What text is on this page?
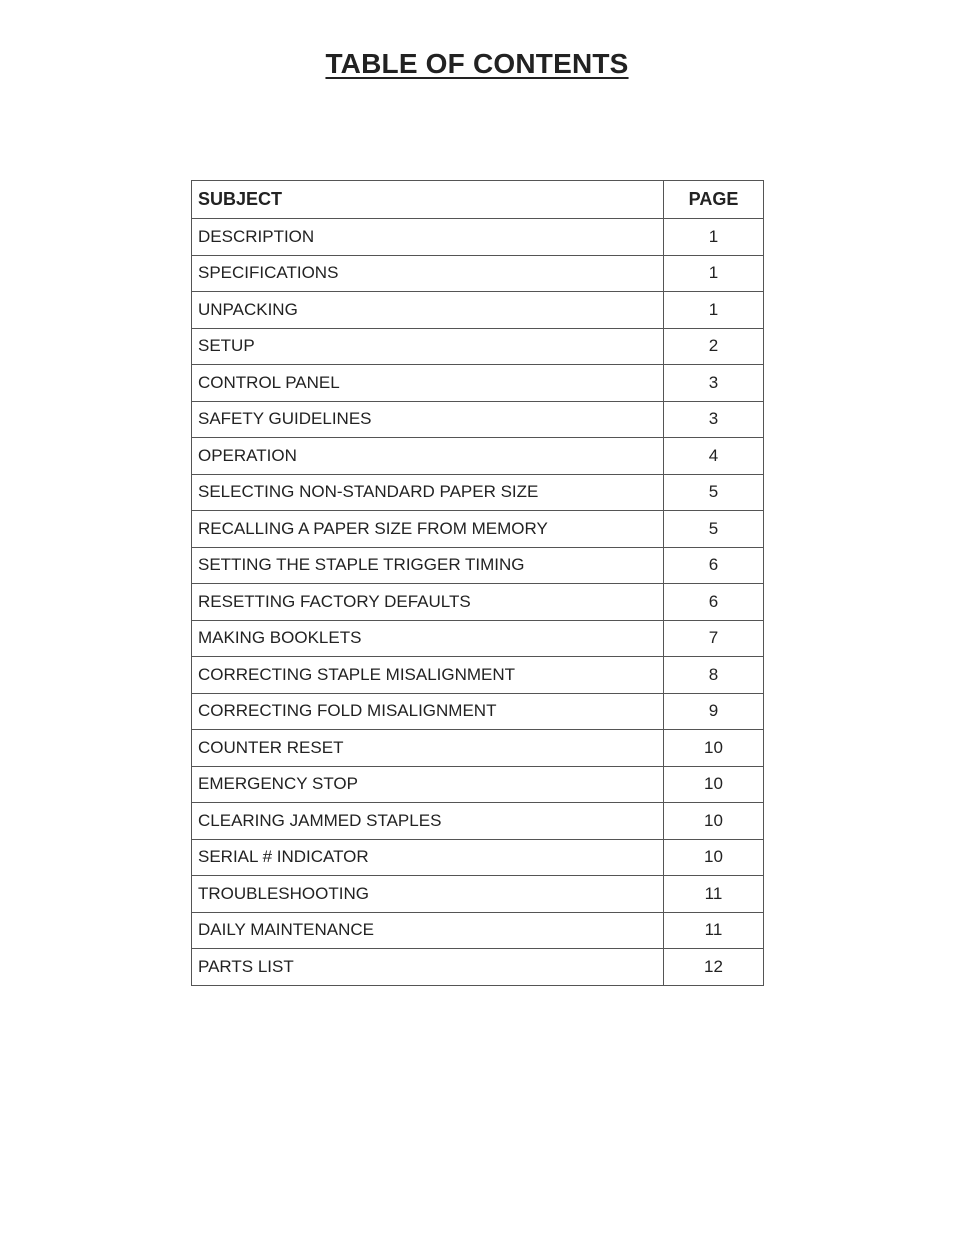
TABLE OF CONTENTS
SUBJECT	PAGE
DESCRIPTION	1
SPECIFICATIONS	1
UNPACKING	1
SETUP	2
CONTROL PANEL	3
SAFETY GUIDELINES	3
OPERATION	4
SELECTING NON-STANDARD PAPER SIZE	5
RECALLING A PAPER SIZE FROM MEMORY	5
SETTING THE STAPLE TRIGGER TIMING	6
RESETTING FACTORY DEFAULTS	6
MAKING BOOKLETS	7
CORRECTING STAPLE MISALIGNMENT	8
CORRECTING FOLD MISALIGNMENT	9
COUNTER RESET	10
EMERGENCY STOP	10
CLEARING JAMMED STAPLES	10
SERIAL # INDICATOR	10
TROUBLESHOOTING	11
DAILY MAINTENANCE	11
PARTS LIST	12
